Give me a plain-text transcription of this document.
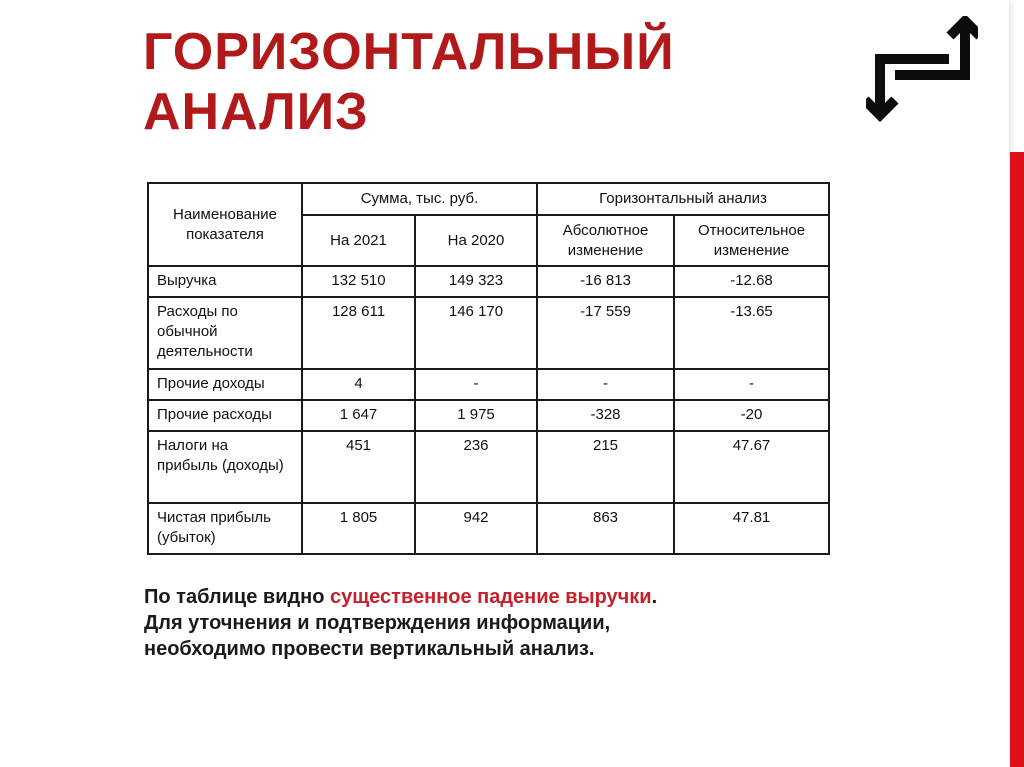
ГОРИЗОНТАЛЬНЫЙ
АНАЛИЗ
Наименование показателя	Сумма, тыс. руб.		Горизонтальный анализ	
	На 2021	На 2020	Абсолютное изменение	Относительное изменение
Выручка	132 510	149 323	-16 813	-12.68
Расходы по обычной деятельности	128 611	146 170	-17 559	-13.65
Прочие доходы	4	-	-	-
Прочие расходы	1 647	1 975	-328	-20
Налоги на прибыль (доходы)	451	236	215	47.67
Чистая прибыль (убыток)	1 805	942	863	47.81
По таблице видно существенное падение выручки.
Для уточнения и подтверждения информации,
необходимо провести вертикальный анализ.
